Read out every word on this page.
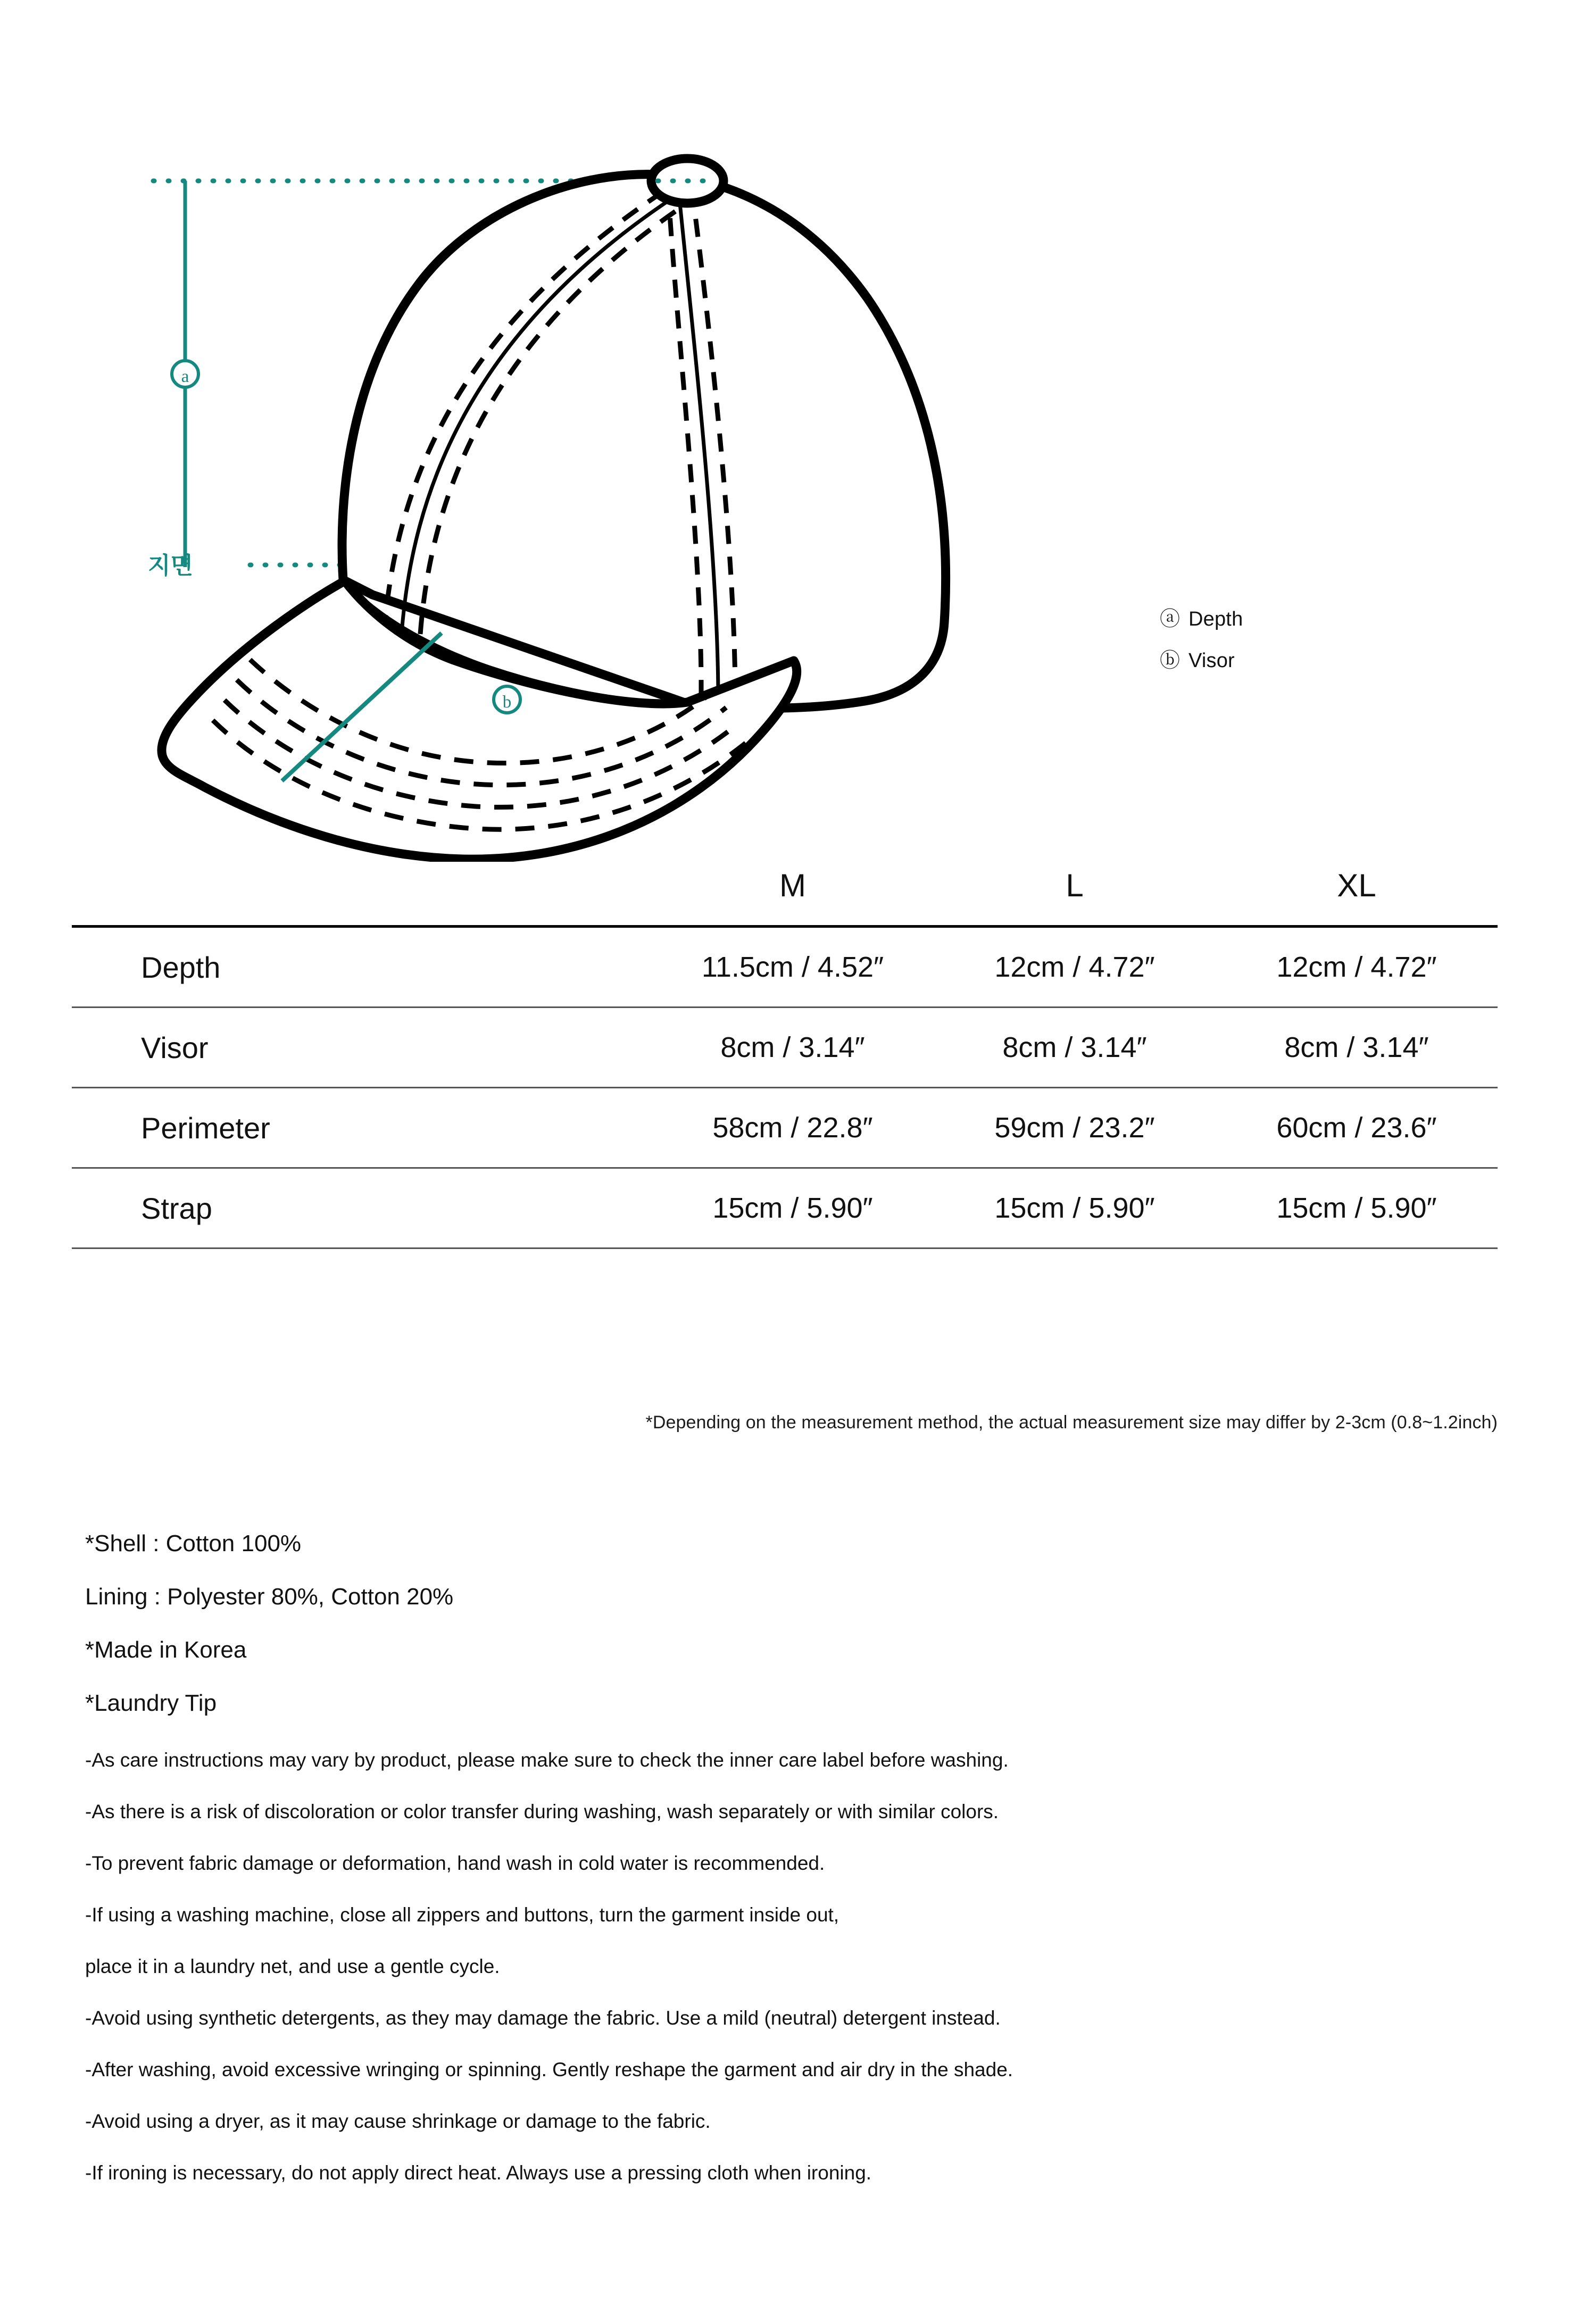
a
지면
b
ⓐ Depth
ⓑ Visor
	M	L	XL
Depth	11.5cm / 4.52″	12cm / 4.72″	12cm / 4.72″
Visor	8cm / 3.14″	8cm / 3.14″	8cm / 3.14″
Perimeter	58cm / 22.8″	59cm / 23.2″	60cm / 23.6″
Strap	15cm / 5.90″	15cm / 5.90″	15cm / 5.90″
*Depending on the measurement method, the actual measurement size may differ by 2-3cm (0.8~1.2inch)
*Shell : Cotton 100%
Lining : Polyester 80%, Cotton 20%
*Made in Korea
*Laundry Tip
-As care instructions may vary by product, please make sure to check the inner care label before washing.
-As there is a risk of discoloration or color transfer during washing, wash separately or with similar colors.
-To prevent fabric damage or deformation, hand wash in cold water is recommended.
-If using a washing machine, close all zippers and buttons, turn the garment inside out,
place it in a laundry net, and use a gentle cycle.
-Avoid using synthetic detergents, as they may damage the fabric. Use a mild (neutral) detergent instead.
-After washing, avoid excessive wringing or spinning. Gently reshape the garment and air dry in the shade.
-Avoid using a dryer, as it may cause shrinkage or damage to the fabric.
-If ironing is necessary, do not apply direct heat. Always use a pressing cloth when ironing.
